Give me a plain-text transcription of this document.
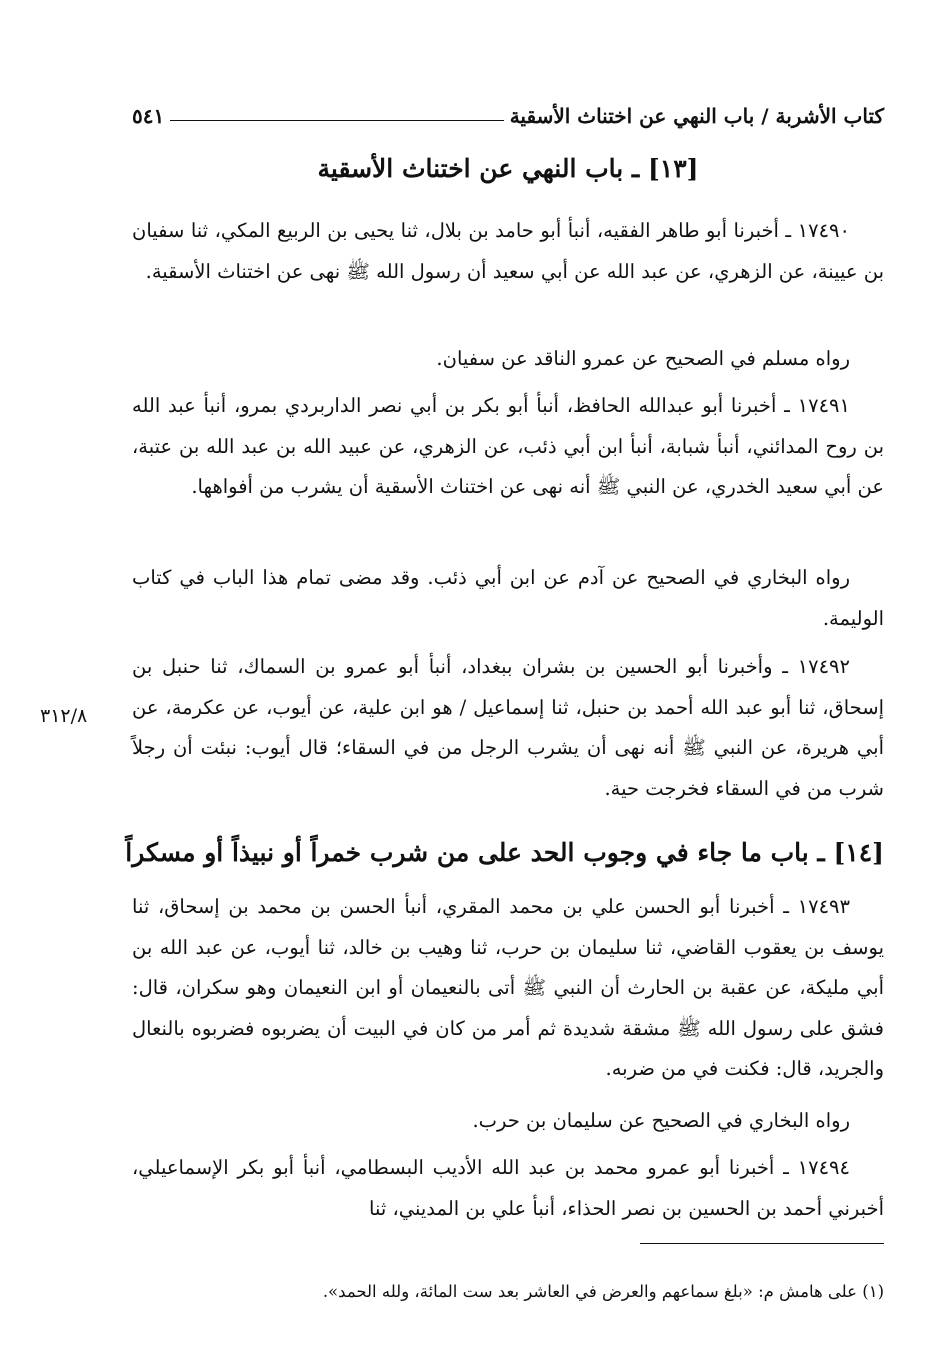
كتاب الأشربة / باب النهي عن اختناث الأسقية
٥٤١
[١٣] ـ باب النهي عن اختناث الأسقية

١٧٤٩٠ ـ أخبرنا أبو طاهر الفقيه، أنبأ أبو حامد بن بلال، ثنا يحيى بن الربيع المكي، ثنا سفيان بن عيينة، عن الزهري، عن عبد الله عن أبي سعيد أن رسول الله ﷺ نهى عن اختناث الأسقية.

رواه مسلم في الصحيح عن عمرو الناقد عن سفيان.

١٧٤٩١ ـ أخبرنا أبو عبدالله الحافظ، أنبأ أبو بكر بن أبي نصر الداربردي بمرو، أنبأ عبد الله بن روح المدائني، أنبأ شبابة، أنبأ ابن أبي ذئب، عن الزهري، عن عبيد الله بن عبد الله بن عتبة، عن أبي سعيد الخدري، عن النبي ﷺ أنه نهى عن اختناث الأسقية أن يشرب من أفواهها.

رواه البخاري في الصحيح عن آدم عن ابن أبي ذئب. وقد مضى تمام هذا الباب في كتاب الوليمة.

١٧٤٩٢ ـ وأخبرنا أبو الحسين بن بشران ببغداد، أنبأ أبو عمرو بن السماك، ثنا حنبل بن إسحاق، ثنا أبو عبد الله أحمد بن حنبل، ثنا إسماعيل / هو ابن علية، عن أيوب، عن عكرمة، عن أبي هريرة، عن النبي ﷺ أنه نهى أن يشرب الرجل من في السقاء؛ قال أيوب: نبئت أن رجلاً شرب من في السقاء فخرجت حية.

٣١٢/٨
[١٤] ـ باب ما جاء في وجوب الحد على من شرب خمراً أو نبيذاً أو مسكراً

١٧٤٩٣ ـ أخبرنا أبو الحسن علي بن محمد المقري، أنبأ الحسن بن محمد بن إسحاق، ثنا يوسف بن يعقوب القاضي، ثنا سليمان بن حرب، ثنا وهيب بن خالد، ثنا أيوب، عن عبد الله بن أبي مليكة، عن عقبة بن الحارث أن النبي ﷺ أتى بالنعيمان أو ابن النعيمان وهو سكران، قال: فشق على رسول الله ﷺ مشقة شديدة ثم أمر من كان في البيت أن يضربوه فضربوه بالنعال والجريد، قال: فكنت في من ضربه.

رواه البخاري في الصحيح عن سليمان بن حرب.

١٧٤٩٤ ـ أخبرنا أبو عمرو محمد بن عبد الله الأديب البسطامي، أنبأ أبو بكر الإسماعيلي، أخبرني أحمد بن الحسين بن نصر الحذاء، أنبأ علي بن المديني، ثنا

(١) على هامش م: «بلغ سماعهم والعرض في العاشر بعد ست المائة، ولله الحمد».
